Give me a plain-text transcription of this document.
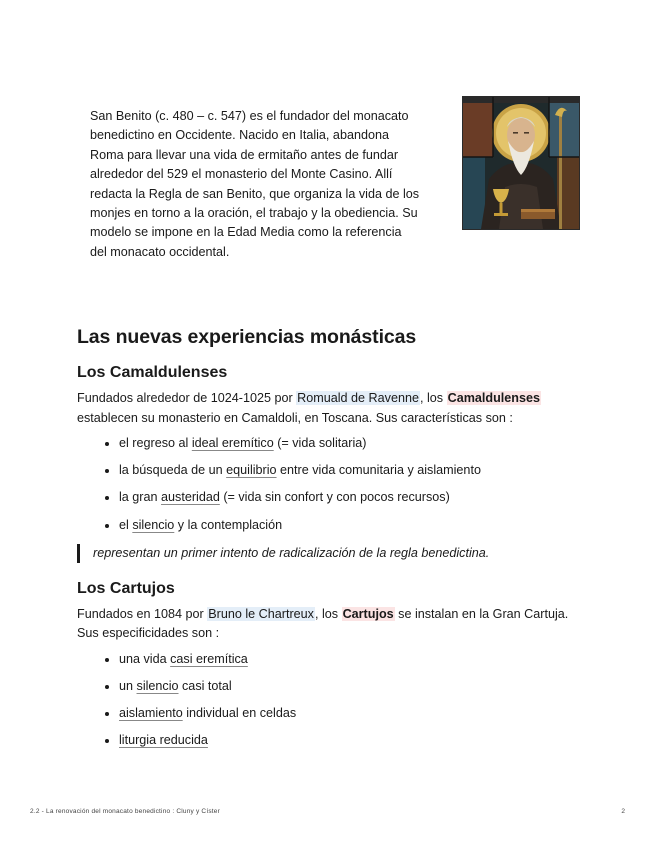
San Benito (c. 480 – c. 547) es el fundador del monacato benedictino en Occidente. Nacido en Italia, abandona Roma para llevar una vida de ermitaño antes de fundar alrededor del 529 el monasterio del Monte Casino. Allí redacta la Regla de san Benito, que organiza la vida de los monjes en torno a la oración, el trabajo y la obediencia. Su modelo se impone en la Edad Media como la referencia del monacato occidental.

Las nuevas experiencias monásticas
Los Camaldulenses

Fundados alrededor de 1024-1025 por Romuald de Ravenne, los Camaldulenses establecen su monasterio en Camaldoli, en Toscana. Sus características son :

• el regreso al ideal eremítico (= vida solitaria)
• la búsqueda de un equilibrio entre vida comunitaria y aislamiento
• la gran austeridad (= vida sin confort y con pocos recursos)
• el silencio y la contemplación
representan un primer intento de radicalización de la regla benedictina.
Los Cartujos

Fundados en 1084 por Bruno le Chartreux, los Cartujos se instalan en la Gran Cartuja. Sus especificidades son :

• una vida casi eremítica
• un silencio casi total
• aislamiento individual en celdas
• liturgia reducida
2.2 - La renovación del monacato benedictino : Cluny y Císter	2
